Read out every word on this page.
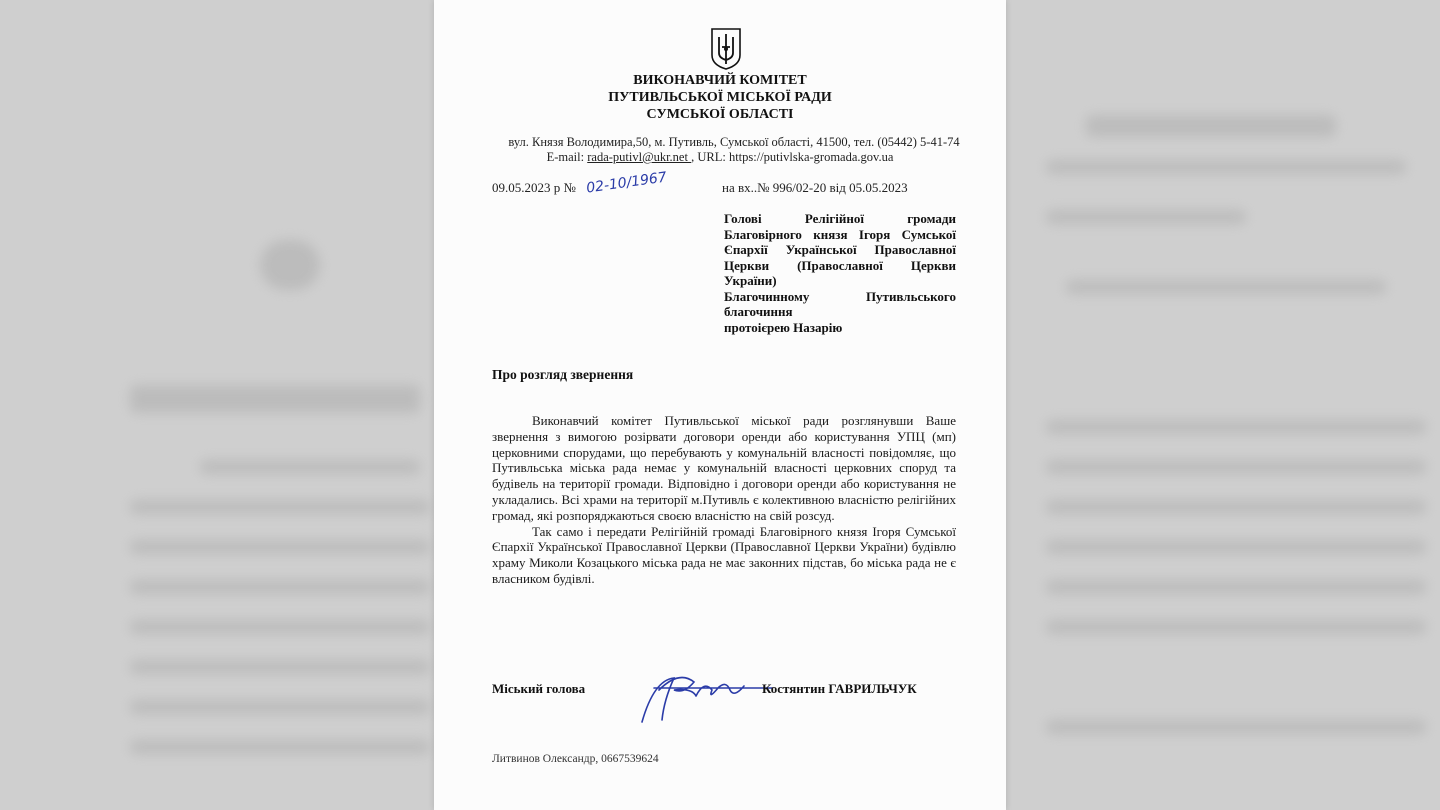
ВИКОНАВЧИЙ КОМІТЕТ
ПУТИВЛЬСЬКОЇ МІСЬКОЇ РАДИ
СУМСЬКОЇ ОБЛАСТІ
вул. Князя Володимира,50, м. Путивль, Сумської області, 41500, тел. (05442) 5-41-74
E-mail: rada-putivl@ukr.net , URL: https://putivlska-gromada.gov.ua
09.05.2023 р № 02-10/1967	на вх..№ 996/02-20 від 05.05.2023
Голові Релігійної громади
Благовірного князя Ігоря Сумської
Єпархії Української Православної
Церкви (Православної Церкви
України)
Благочинному Путивльського
благочиння
протоієрею Назарію
Про розгляд звернення

Виконавчий комітет Путивльської міської ради розглянувши Ваше звернення з вимогою розірвати договори оренди або користування УПЦ (мп) церковними спорудами, що перебувають у комунальній власності повідомляє, що Путивльська міська рада немає у комунальній власності церковних споруд та будівель на території громади. Відповідно і договори оренди або користування не укладались. Всі храми на території м.Путивль є колективною власністю релігійних громад, які розпоряджаються своєю власністю на свій розсуд.

Так само і передати Релігійній громаді Благовірного князя Ігоря Сумської Єпархії Української Православної Церкви (Православної Церкви України) будівлю храму Миколи Козацького міська рада не має законних підстав, бо міська рада не є власником будівлі.

Міський голова	Костянтин ГАВРИЛЬЧУК
Литвинов Олександр, 0667539624
